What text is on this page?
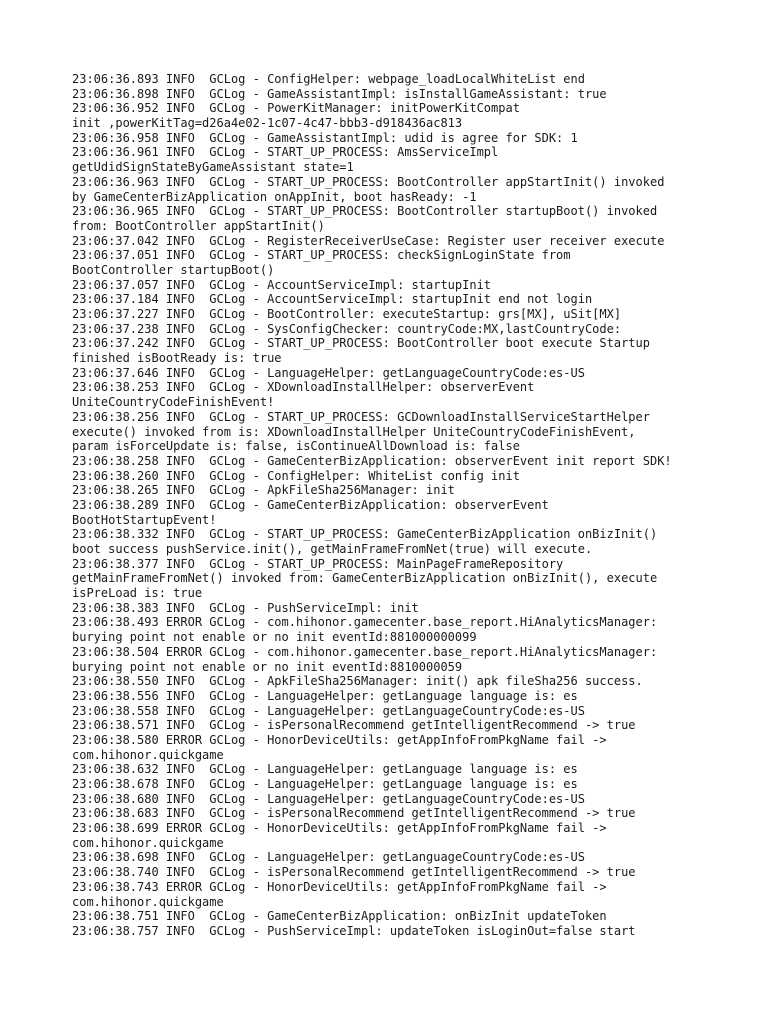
23:06:36.893 INFO  GCLog - ConfigHelper: webpage_loadLocalWhiteList end
23:06:36.898 INFO  GCLog - GameAssistantImpl: isInstallGameAssistant: true
23:06:36.952 INFO  GCLog - PowerKitManager: initPowerKitCompat
init ,powerKitTag=d26a4e02-1c07-4c47-bbb3-d918436ac813
23:06:36.958 INFO  GCLog - GameAssistantImpl: udid is agree for SDK: 1
23:06:36.961 INFO  GCLog - START_UP_PROCESS: AmsServiceImpl
getUdidSignStateByGameAssistant state=1
23:06:36.963 INFO  GCLog - START_UP_PROCESS: BootController appStartInit() invoked
by GameCenterBizApplication onAppInit, boot hasReady: -1
23:06:36.965 INFO  GCLog - START_UP_PROCESS: BootController startupBoot() invoked
from: BootController appStartInit()
23:06:37.042 INFO  GCLog - RegisterReceiverUseCase: Register user receiver execute
23:06:37.051 INFO  GCLog - START_UP_PROCESS: checkSignLoginState from
BootController startupBoot()
23:06:37.057 INFO  GCLog - AccountServiceImpl: startupInit
23:06:37.184 INFO  GCLog - AccountServiceImpl: startupInit end not login
23:06:37.227 INFO  GCLog - BootController: executeStartup: grs[MX], uSit[MX]
23:06:37.238 INFO  GCLog - SysConfigChecker: countryCode:MX,lastCountryCode:
23:06:37.242 INFO  GCLog - START_UP_PROCESS: BootController boot execute Startup
finished isBootReady is: true
23:06:37.646 INFO  GCLog - LanguageHelper: getLanguageCountryCode:es-US
23:06:38.253 INFO  GCLog - XDownloadInstallHelper: observerEvent
UniteCountryCodeFinishEvent!
23:06:38.256 INFO  GCLog - START_UP_PROCESS: GCDownloadInstallServiceStartHelper
execute() invoked from is: XDownloadInstallHelper UniteCountryCodeFinishEvent,
param isForceUpdate is: false, isContinueAllDownload is: false
23:06:38.258 INFO  GCLog - GameCenterBizApplication: observerEvent init report SDK!
23:06:38.260 INFO  GCLog - ConfigHelper: WhiteList config init
23:06:38.265 INFO  GCLog - ApkFileSha256Manager: init
23:06:38.289 INFO  GCLog - GameCenterBizApplication: observerEvent
BootHotStartupEvent!
23:06:38.332 INFO  GCLog - START_UP_PROCESS: GameCenterBizApplication onBizInit()
boot success pushService.init(), getMainFrameFromNet(true) will execute.
23:06:38.377 INFO  GCLog - START_UP_PROCESS: MainPageFrameRepository
getMainFrameFromNet() invoked from: GameCenterBizApplication onBizInit(), execute
isPreLoad is: true
23:06:38.383 INFO  GCLog - PushServiceImpl: init
23:06:38.493 ERROR GCLog - com.hihonor.gamecenter.base_report.HiAnalyticsManager:
burying point not enable or no init eventId:881000000099
23:06:38.504 ERROR GCLog - com.hihonor.gamecenter.base_report.HiAnalyticsManager:
burying point not enable or no init eventId:8810000059
23:06:38.550 INFO  GCLog - ApkFileSha256Manager: init() apk fileSha256 success.
23:06:38.556 INFO  GCLog - LanguageHelper: getLanguage language is: es
23:06:38.558 INFO  GCLog - LanguageHelper: getLanguageCountryCode:es-US
23:06:38.571 INFO  GCLog - isPersonalRecommend getIntelligentRecommend -> true
23:06:38.580 ERROR GCLog - HonorDeviceUtils: getAppInfoFromPkgName fail ->
com.hihonor.quickgame
23:06:38.632 INFO  GCLog - LanguageHelper: getLanguage language is: es
23:06:38.678 INFO  GCLog - LanguageHelper: getLanguage language is: es
23:06:38.680 INFO  GCLog - LanguageHelper: getLanguageCountryCode:es-US
23:06:38.683 INFO  GCLog - isPersonalRecommend getIntelligentRecommend -> true
23:06:38.699 ERROR GCLog - HonorDeviceUtils: getAppInfoFromPkgName fail ->
com.hihonor.quickgame
23:06:38.698 INFO  GCLog - LanguageHelper: getLanguageCountryCode:es-US
23:06:38.740 INFO  GCLog - isPersonalRecommend getIntelligentRecommend -> true
23:06:38.743 ERROR GCLog - HonorDeviceUtils: getAppInfoFromPkgName fail ->
com.hihonor.quickgame
23:06:38.751 INFO  GCLog - GameCenterBizApplication: onBizInit updateToken
23:06:38.757 INFO  GCLog - PushServiceImpl: updateToken isLoginOut=false start
